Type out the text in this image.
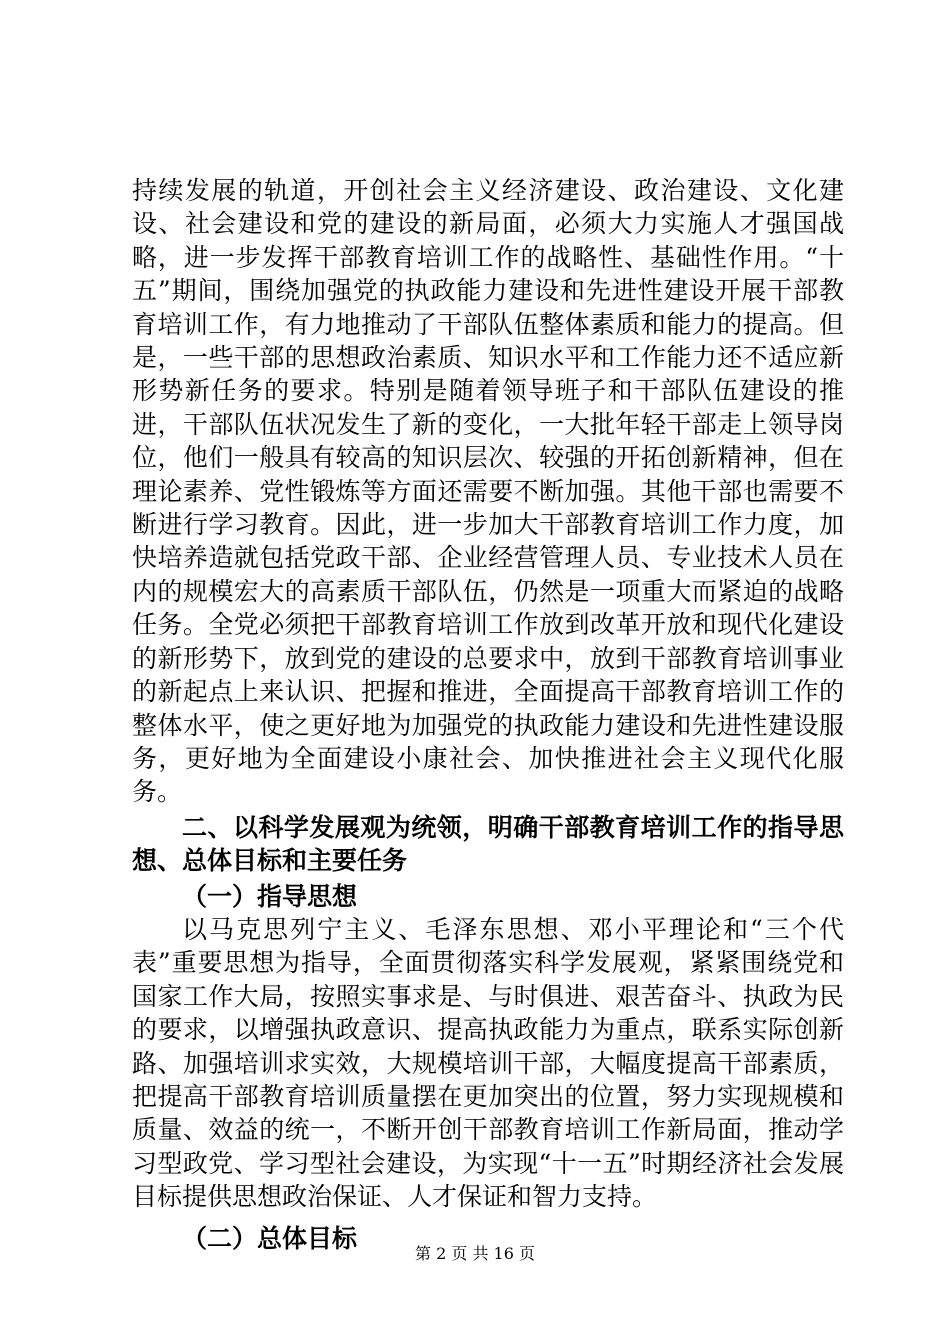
持续发展的轨道，开创社会主义经济建设、政治建设、文化建设、社会建设和党的建设的新局面，必须大力实施人才强国战略，进一步发挥干部教育培训工作的战略性、基础性作用。“十五”期间，围绕加强党的执政能力建设和先进性建设开展干部教育培训工作，有力地推动了干部队伍整体素质和能力的提高。但是，一些干部的思想政治素质、知识水平和工作能力还不适应新形势新任务的要求。特别是随着领导班子和干部队伍建设的推进，干部队伍状况发生了新的变化，一大批年轻干部走上领导岗位，他们一般具有较高的知识层次、较强的开拓创新精神，但在理论素养、党性锻炼等方面还需要不断加强。其他干部也需要不断进行学习教育。因此，进一步加大干部教育培训工作力度，加快培养造就包括党政干部、企业经营管理人员、专业技术人员在内的规模宏大的高素质干部队伍，仍然是一项重大而紧迫的战略任务。全党必须把干部教育培训工作放到改革开放和现代化建设的新形势下，放到党的建设的总要求中，放到干部教育培训事业的新起点上来认识、把握和推进，全面提高干部教育培训工作的整体水平，使之更好地为加强党的执政能力建设和先进性建设服务，更好地为全面建设小康社会、加快推进社会主义现代化服务。

二、以科学发展观为统领，明确干部教育培训工作的指导思想、总体目标和主要任务

（一）指导思想

以马克思列宁主义、毛泽东思想、邓小平理论和“三个代表”重要思想为指导，全面贯彻落实科学发展观，紧紧围绕党和国家工作大局，按照实事求是、与时俱进、艰苦奋斗、执政为民的要求，以增强执政意识、提高执政能力为重点，联系实际创新路、加强培训求实效，大规模培训干部，大幅度提高干部素质，把提高干部教育培训质量摆在更加突出的位置，努力实现规模和质量、效益的统一，不断开创干部教育培训工作新局面，推动学习型政党、学习型社会建设，为实现“十一五”时期经济社会发展目标提供思想政治保证、人才保证和智力支持。

（二）总体目标

第 2 页 共 16 页
